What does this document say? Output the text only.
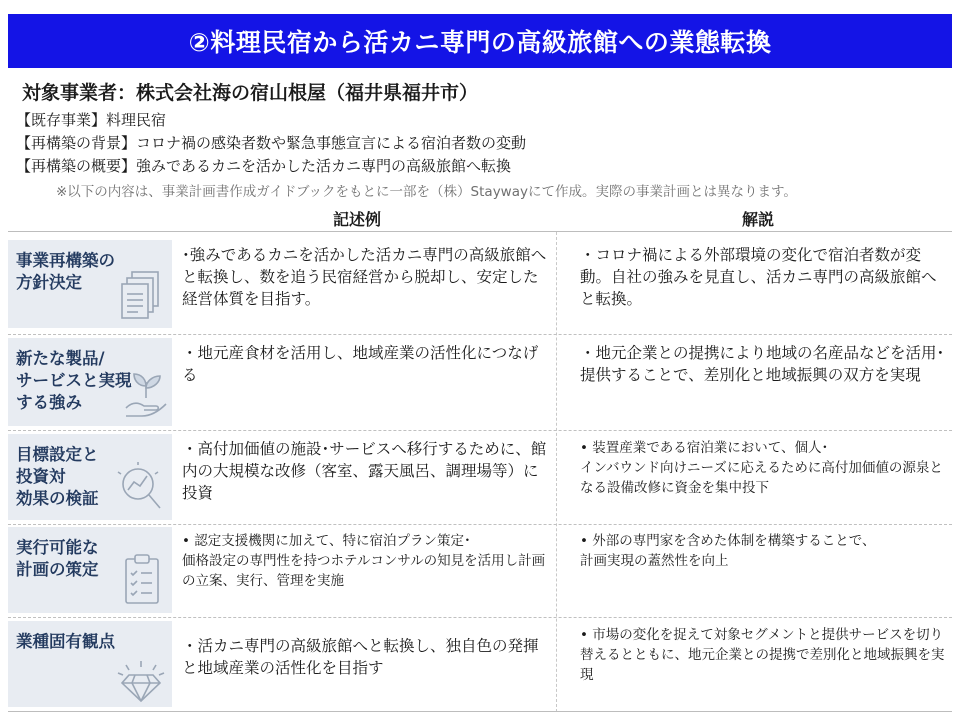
②料理民宿から活カニ専門の高級旅館への業態転換
対象事業者：株式会社海の宿山根屋（福井県福井市）
【既存事業】料理民宿
【再構築の背景】コロナ禍の感染者数や緊急事態宣言による宿泊者数の変動
【再構築の概要】強みであるカニを活かした活カニ専門の高級旅館へ転換
※以下の内容は、事業計画書作成ガイドブックをもとに一部を（株）Staywayにて作成。実際の事業計画とは異なります。
記述例	解説
事業再構築の
方針決定
･強みであるカニを活かした活カニ専門の高級旅館へと転換し、数を追う民宿経営から脱却し、安定した経営体質を目指す。
・コロナ禍による外部環境の変化で宿泊者数が変動。自社の強みを見直し、活カニ専門の高級旅館へと転換。
新たな製品/
サービスと実現
する強み
・地元産食材を活用し、地域産業の活性化につなげる
・地元企業との提携により地域の名産品などを活用･提供することで、差別化と地域振興の双方を実現
目標設定と
投資対
効果の検証
・高付加価値の施設･サービスへ移行するために、館内の大規模な改修（客室、露天風呂、調理場等）に投資
• 装置産業である宿泊業において、個人･
インバウンド向けニーズに応えるために高付加価値の源泉となる設備改修に資金を集中投下
実行可能な
計画の策定
• 認定支援機関に加えて、特に宿泊プラン策定･
価格設定の専門性を持つホテルコンサルの知見を活用し計画の立案、実行、管理を実施
• 外部の専門家を含めた体制を構築することで、
計画実現の蓋然性を向上
業種固有観点	・活カニ専門の高級旅館へと転換し、独自色の発揮と地域産業の活性化を目指す
• 市場の変化を捉えて対象セグメントと提供サービスを切り替えるとともに、地元企業との提携で差別化と地域振興を実現
